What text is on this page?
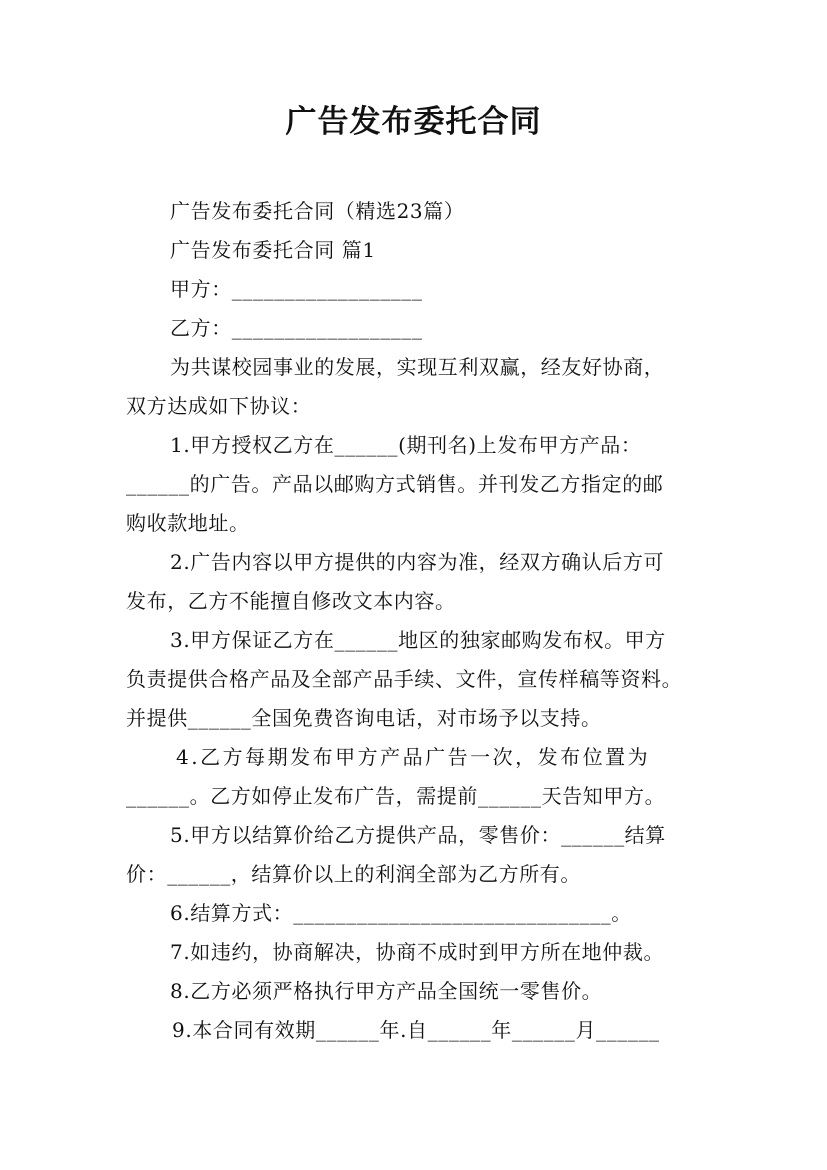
广告发布委托合同
广告发布委托合同（精选23篇）
广告发布委托合同 篇1
甲方：__________________
乙方：__________________
为共谋校园事业的发展，实现互利双赢，经友好协商，
双方达成如下协议：
1.甲方授权乙方在______(期刊名)上发布甲方产品：
______的广告。产品以邮购方式销售。并刊发乙方指定的邮
购收款地址。
2.广告内容以甲方提供的内容为准，经双方确认后方可
发布，乙方不能擅自修改文本内容。
3.甲方保证乙方在______地区的独家邮购发布权。甲方
负责提供合格产品及全部产品手续、文件，宣传样稿等资料。
并提供______全国免费咨询电话，对市场予以支持。
4.乙方每期发布甲方产品广告一次，发布位置为
______。乙方如停止发布广告，需提前______天告知甲方。
5.甲方以结算价给乙方提供产品，零售价：______结算
价：______，结算价以上的利润全部为乙方所有。
6.结算方式：______________________________。
7.如违约，协商解决，协商不成时到甲方所在地仲裁。
8.乙方必须严格执行甲方产品全国统一零售价。
9.本合同有效期______年.自______年______月______
